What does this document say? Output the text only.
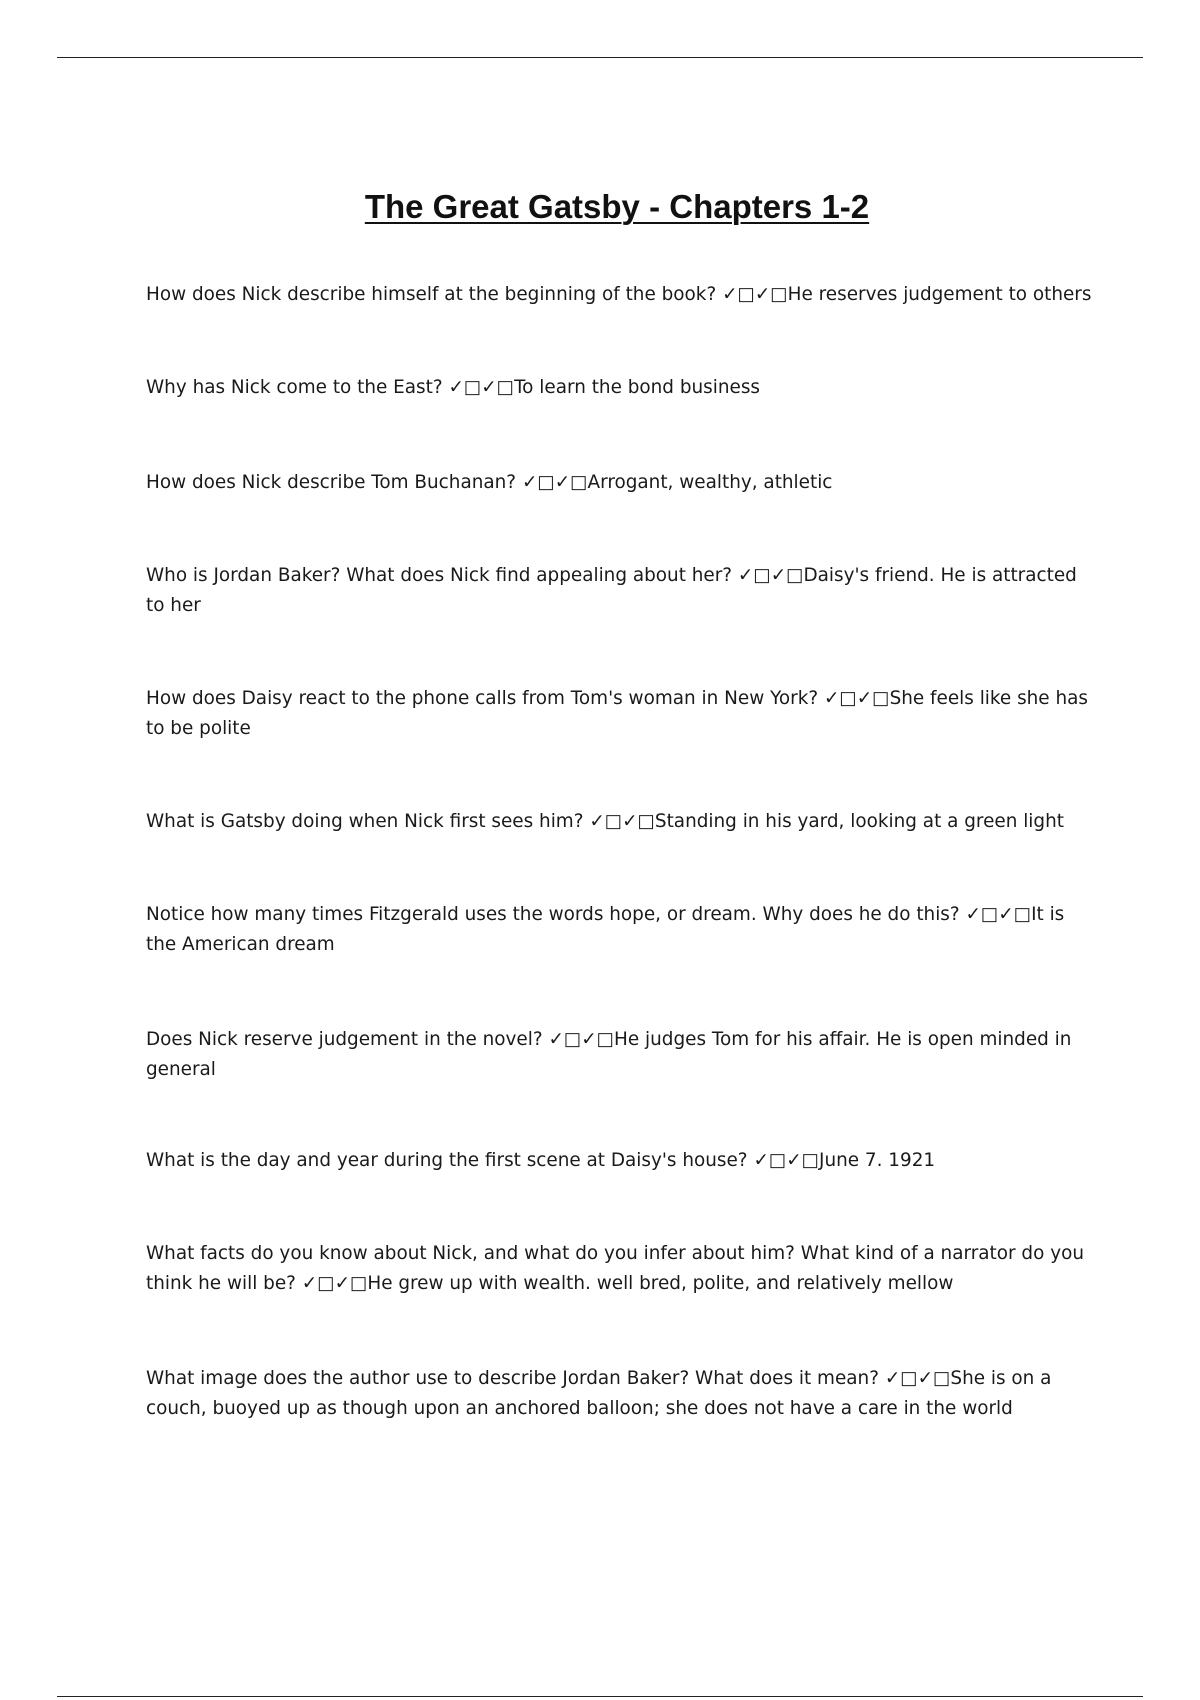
The Great Gatsby - Chapters 1-2

How does Nick describe himself at the beginning of the book? ✓□✓□He reserves judgement to others

Why has Nick come to the East? ✓□✓□To learn the bond business

How does Nick describe Tom Buchanan? ✓□✓□Arrogant, wealthy, athletic

Who is Jordan Baker? What does Nick find appealing about her? ✓□✓□Daisy's friend. He is attracted to her

How does Daisy react to the phone calls from Tom's woman in New York? ✓□✓□She feels like she has to be polite

What is Gatsby doing when Nick first sees him? ✓□✓□Standing in his yard, looking at a green light

Notice how many times Fitzgerald uses the words hope, or dream. Why does he do this? ✓□✓□It is the American dream

Does Nick reserve judgement in the novel? ✓□✓□He judges Tom for his affair. He is open minded in general

What is the day and year during the first scene at Daisy's house? ✓□✓□June 7. 1921

What facts do you know about Nick, and what do you infer about him? What kind of a narrator do you think he will be? ✓□✓□He grew up with wealth. well bred, polite, and relatively mellow

What image does the author use to describe Jordan Baker? What does it mean? ✓□✓□She is on a couch, buoyed up as though upon an anchored balloon; she does not have a care in the world
